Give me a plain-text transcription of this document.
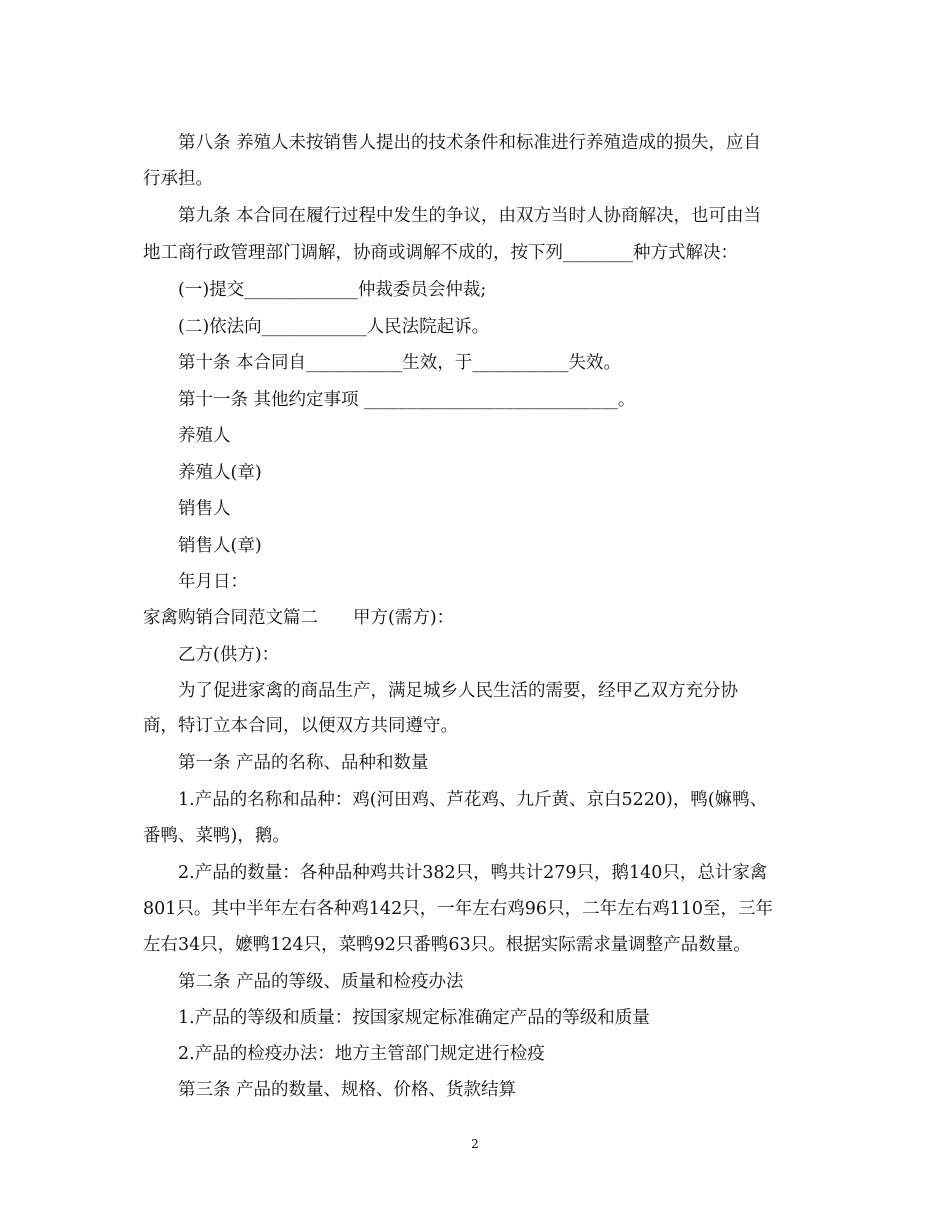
第八条 养殖人未按销售人提出的技术条件和标准进行养殖造成的损失，应自
行承担。
第九条 本合同在履行过程中发生的争议，由双方当时人协商解决，也可由当
地工商行政管理部门调解，协商或调解不成的，按下列________种方式解决：
(一)提交_____________仲裁委员会仲裁;
(二)依法向____________人民法院起诉。
第十条 本合同自___________生效，于___________失效。
第十一条 其他约定事项 _____________________________。
养殖人
养殖人(章)
销售人
销售人(章)
年月日：
家禽购销合同范文篇二　　甲方(需方)：
乙方(供方)：
为了促进家禽的商品生产，满足城乡人民生活的需要，经甲乙双方充分协
商，特订立本合同，以便双方共同遵守。
第一条 产品的名称、品种和数量
1.产品的名称和品种：鸡(河田鸡、芦花鸡、九斤黄、京白5220)，鸭(嫲鸭、
番鸭、菜鸭)，鹅。
2.产品的数量：各种品种鸡共计382只，鸭共计279只，鹅140只，总计家禽
801只。其中半年左右各种鸡142只，一年左右鸡96只，二年左右鸡110至，三年
左右34只，嬷鸭124只，菜鸭92只番鸭63只。根据实际需求量调整产品数量。
第二条 产品的等级、质量和检疫办法
1.产品的等级和质量：按国家规定标准确定产品的等级和质量
2.产品的检疫办法：地方主管部门规定进行检疫
第三条 产品的数量、规格、价格、货款结算
2
